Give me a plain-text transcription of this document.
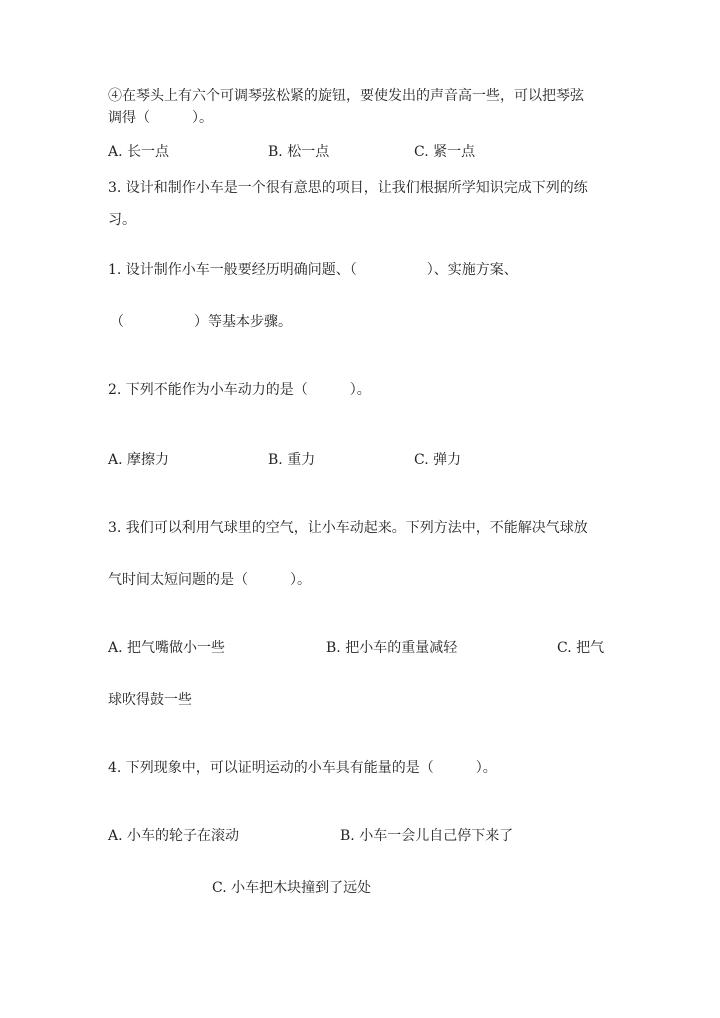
④在琴头上有六个可调琴弦松紧的旋钮，要使发出的声音高一些，可以把琴弦
调得（　　　）。
A. 长一点	B. 松一点	C. 紧一点
3. 设计和制作小车是一个很有意思的项目，让我们根据所学知识完成下列的练
习。
1. 设计制作小车一般要经历明确问题、（　　　　　）、实施方案、
（　　　　　）等基本步骤。
2. 下列不能作为小车动力的是（　　　）。
A. 摩擦力	B. 重力	C. 弹力
3. 我们可以利用气球里的空气，让小车动起来。下列方法中，不能解决气球放
气时间太短问题的是（　　　）。
A. 把气嘴做小一些	B. 把小车的重量减轻	C. 把气
球吹得鼓一些
4. 下列现象中，可以证明运动的小车具有能量的是（　　　）。
A. 小车的轮子在滚动	B. 小车一会儿自己停下来了
C. 小车把木块撞到了远处
